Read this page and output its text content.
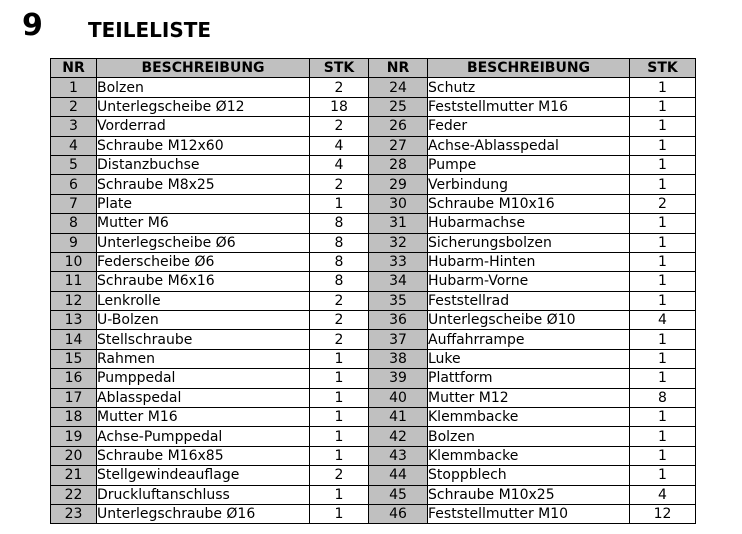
9 TEILELISTE
NR	BESCHREIBUNG	STK	NR	BESCHREIBUNG	STK
1	Bolzen	2	24	Schutz	1
2	Unterlegscheibe Ø12	18	25	Feststellmutter M16	1
3	Vorderrad	2	26	Feder	1
4	Schraube M12x60	4	27	Achse-Ablasspedal	1
5	Distanzbuchse	4	28	Pumpe	1
6	Schraube M8x25	2	29	Verbindung	1
7	Plate	1	30	Schraube M10x16	2
8	Mutter M6	8	31	Hubarmachse	1
9	Unterlegscheibe Ø6	8	32	Sicherungsbolzen	1
10	Federscheibe Ø6	8	33	Hubarm-Hinten	1
11	Schraube M6x16	8	34	Hubarm-Vorne	1
12	Lenkrolle	2	35	Feststellrad	1
13	U-Bolzen	2	36	Unterlegscheibe Ø10	4
14	Stellschraube	2	37	Auffahrrampe	1
15	Rahmen	1	38	Luke	1
16	Pumppedal	1	39	Plattform	1
17	Ablasspedal	1	40	Mutter M12	8
18	Mutter M16	1	41	Klemmbacke	1
19	Achse-Pumppedal	1	42	Bolzen	1
20	Schraube M16x85	1	43	Klemmbacke	1
21	Stellgewindeauflage	2	44	Stoppblech	1
22	Druckluftanschluss	1	45	Schraube M10x25	4
23	Unterlegschraube Ø16	1	46	Feststellmutter M10	12
